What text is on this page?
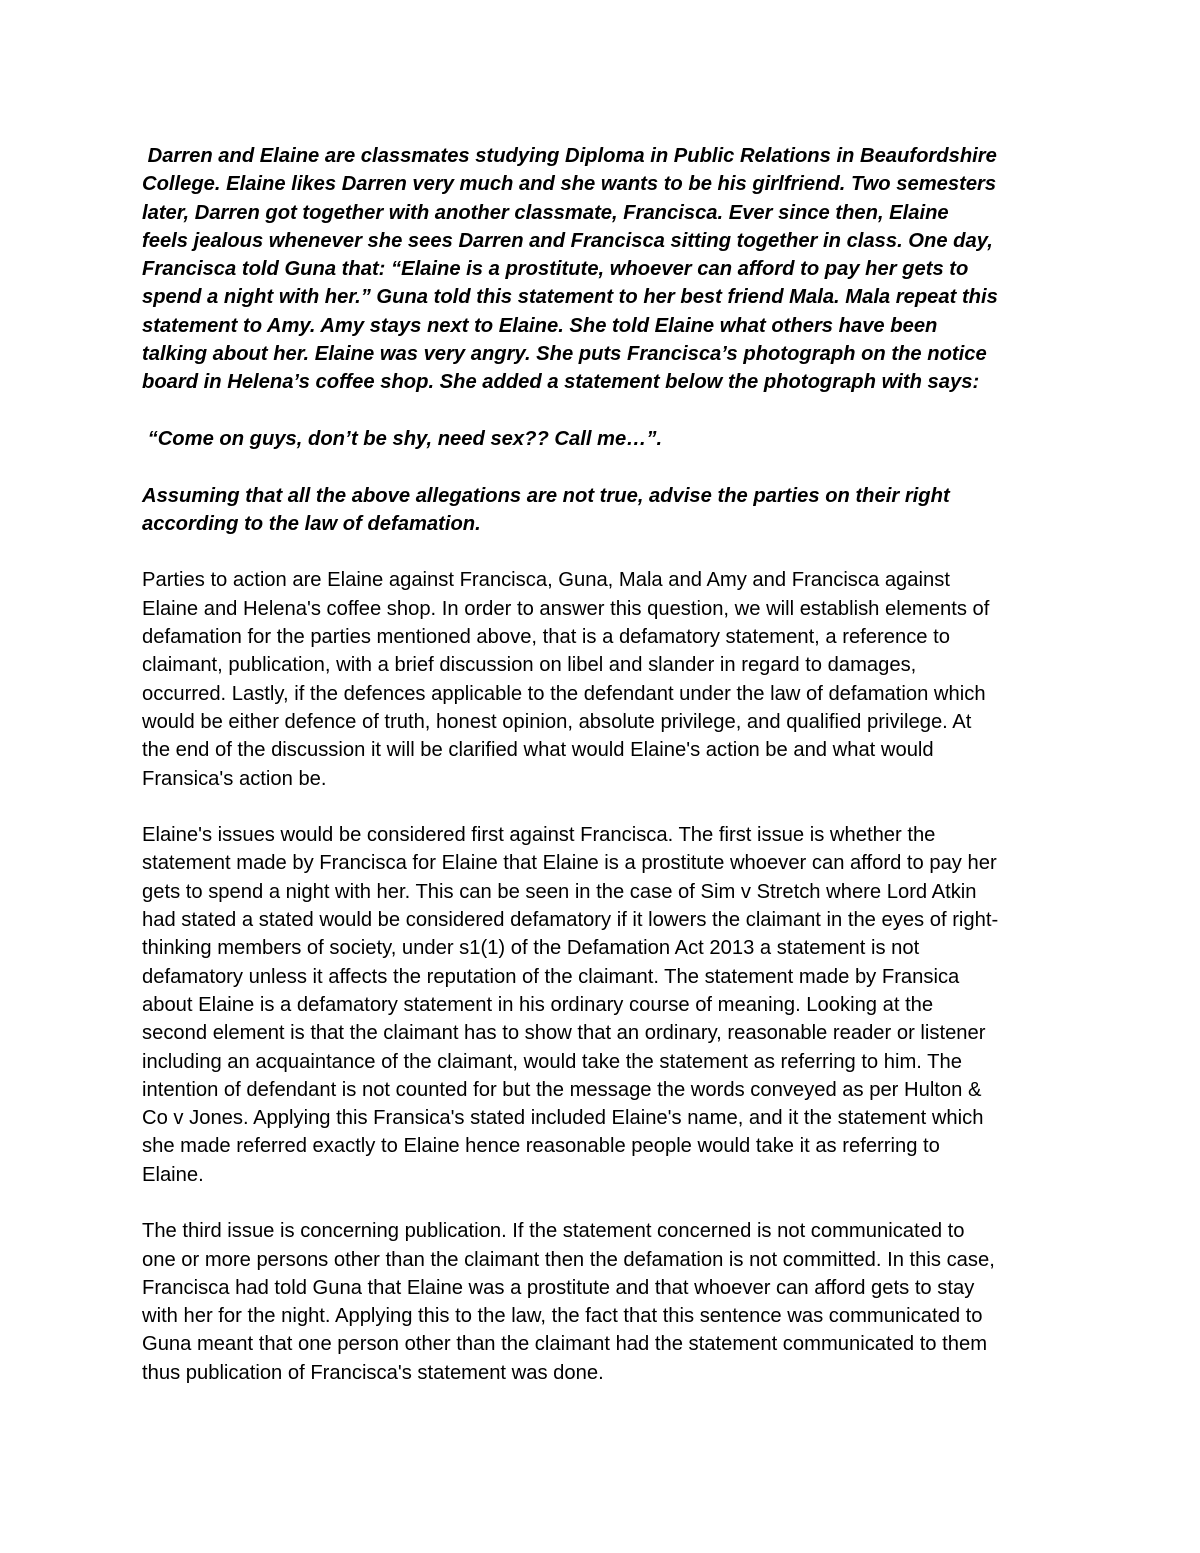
Darren and Elaine are classmates studying Diploma in Public Relations in Beaufordshire
College. Elaine likes Darren very much and she wants to be his girlfriend. Two semesters
later, Darren got together with another classmate, Francisca. Ever since then, Elaine
feels jealous whenever she sees Darren and Francisca sitting together in class. One day,
Francisca told Guna that: “Elaine is a prostitute, whoever can afford to pay her gets to
spend a night with her.” Guna told this statement to her best friend Mala. Mala repeat this
statement to Amy. Amy stays next to Elaine. She told Elaine what others have been
talking about her. Elaine was very angry. She puts Francisca’s photograph on the notice
board in Helena’s coffee shop. She added a statement below the photograph with says:
“Come on guys, don’t be shy, need sex?? Call me…”.
Assuming that all the above allegations are not true, advise the parties on their right
according to the law of defamation.
Parties to action are Elaine against Francisca, Guna, Mala and Amy and Francisca against
Elaine and Helena's coffee shop. In order to answer this question, we will establish elements of
defamation for the parties mentioned above, that is a defamatory statement, a reference to
claimant, publication, with a brief discussion on libel and slander in regard to damages,
occurred. Lastly, if the defences applicable to the defendant under the law of defamation which
would be either defence of truth, honest opinion, absolute privilege, and qualified privilege. At
the end of the discussion it will be clarified what would Elaine's action be and what would
Fransica's action be.
Elaine's issues would be considered first against Francisca. The first issue is whether the
statement made by Francisca for Elaine that Elaine is a prostitute whoever can afford to pay her
gets to spend a night with her. This can be seen in the case of Sim v Stretch where Lord Atkin
had stated a stated would be considered defamatory if it lowers the claimant in the eyes of right-
thinking members of society, under s1(1) of the Defamation Act 2013 a statement is not
defamatory unless it affects the reputation of the claimant. The statement made by Fransica
about Elaine is a defamatory statement in his ordinary course of meaning. Looking at the
second element is that the claimant has to show that an ordinary, reasonable reader or listener
including an acquaintance of the claimant, would take the statement as referring to him. The
intention of defendant is not counted for but the message the words conveyed as per Hulton &
Co v Jones. Applying this Fransica's stated included Elaine's name, and it the statement which
she made referred exactly to Elaine hence reasonable people would take it as referring to
Elaine.
The third issue is concerning publication. If the statement concerned is not communicated to
one or more persons other than the claimant then the defamation is not committed. In this case,
Francisca had told Guna that Elaine was a prostitute and that whoever can afford gets to stay
with her for the night. Applying this to the law, the fact that this sentence was communicated to
Guna meant that one person other than the claimant had the statement communicated to them
thus publication of Francisca's statement was done.
